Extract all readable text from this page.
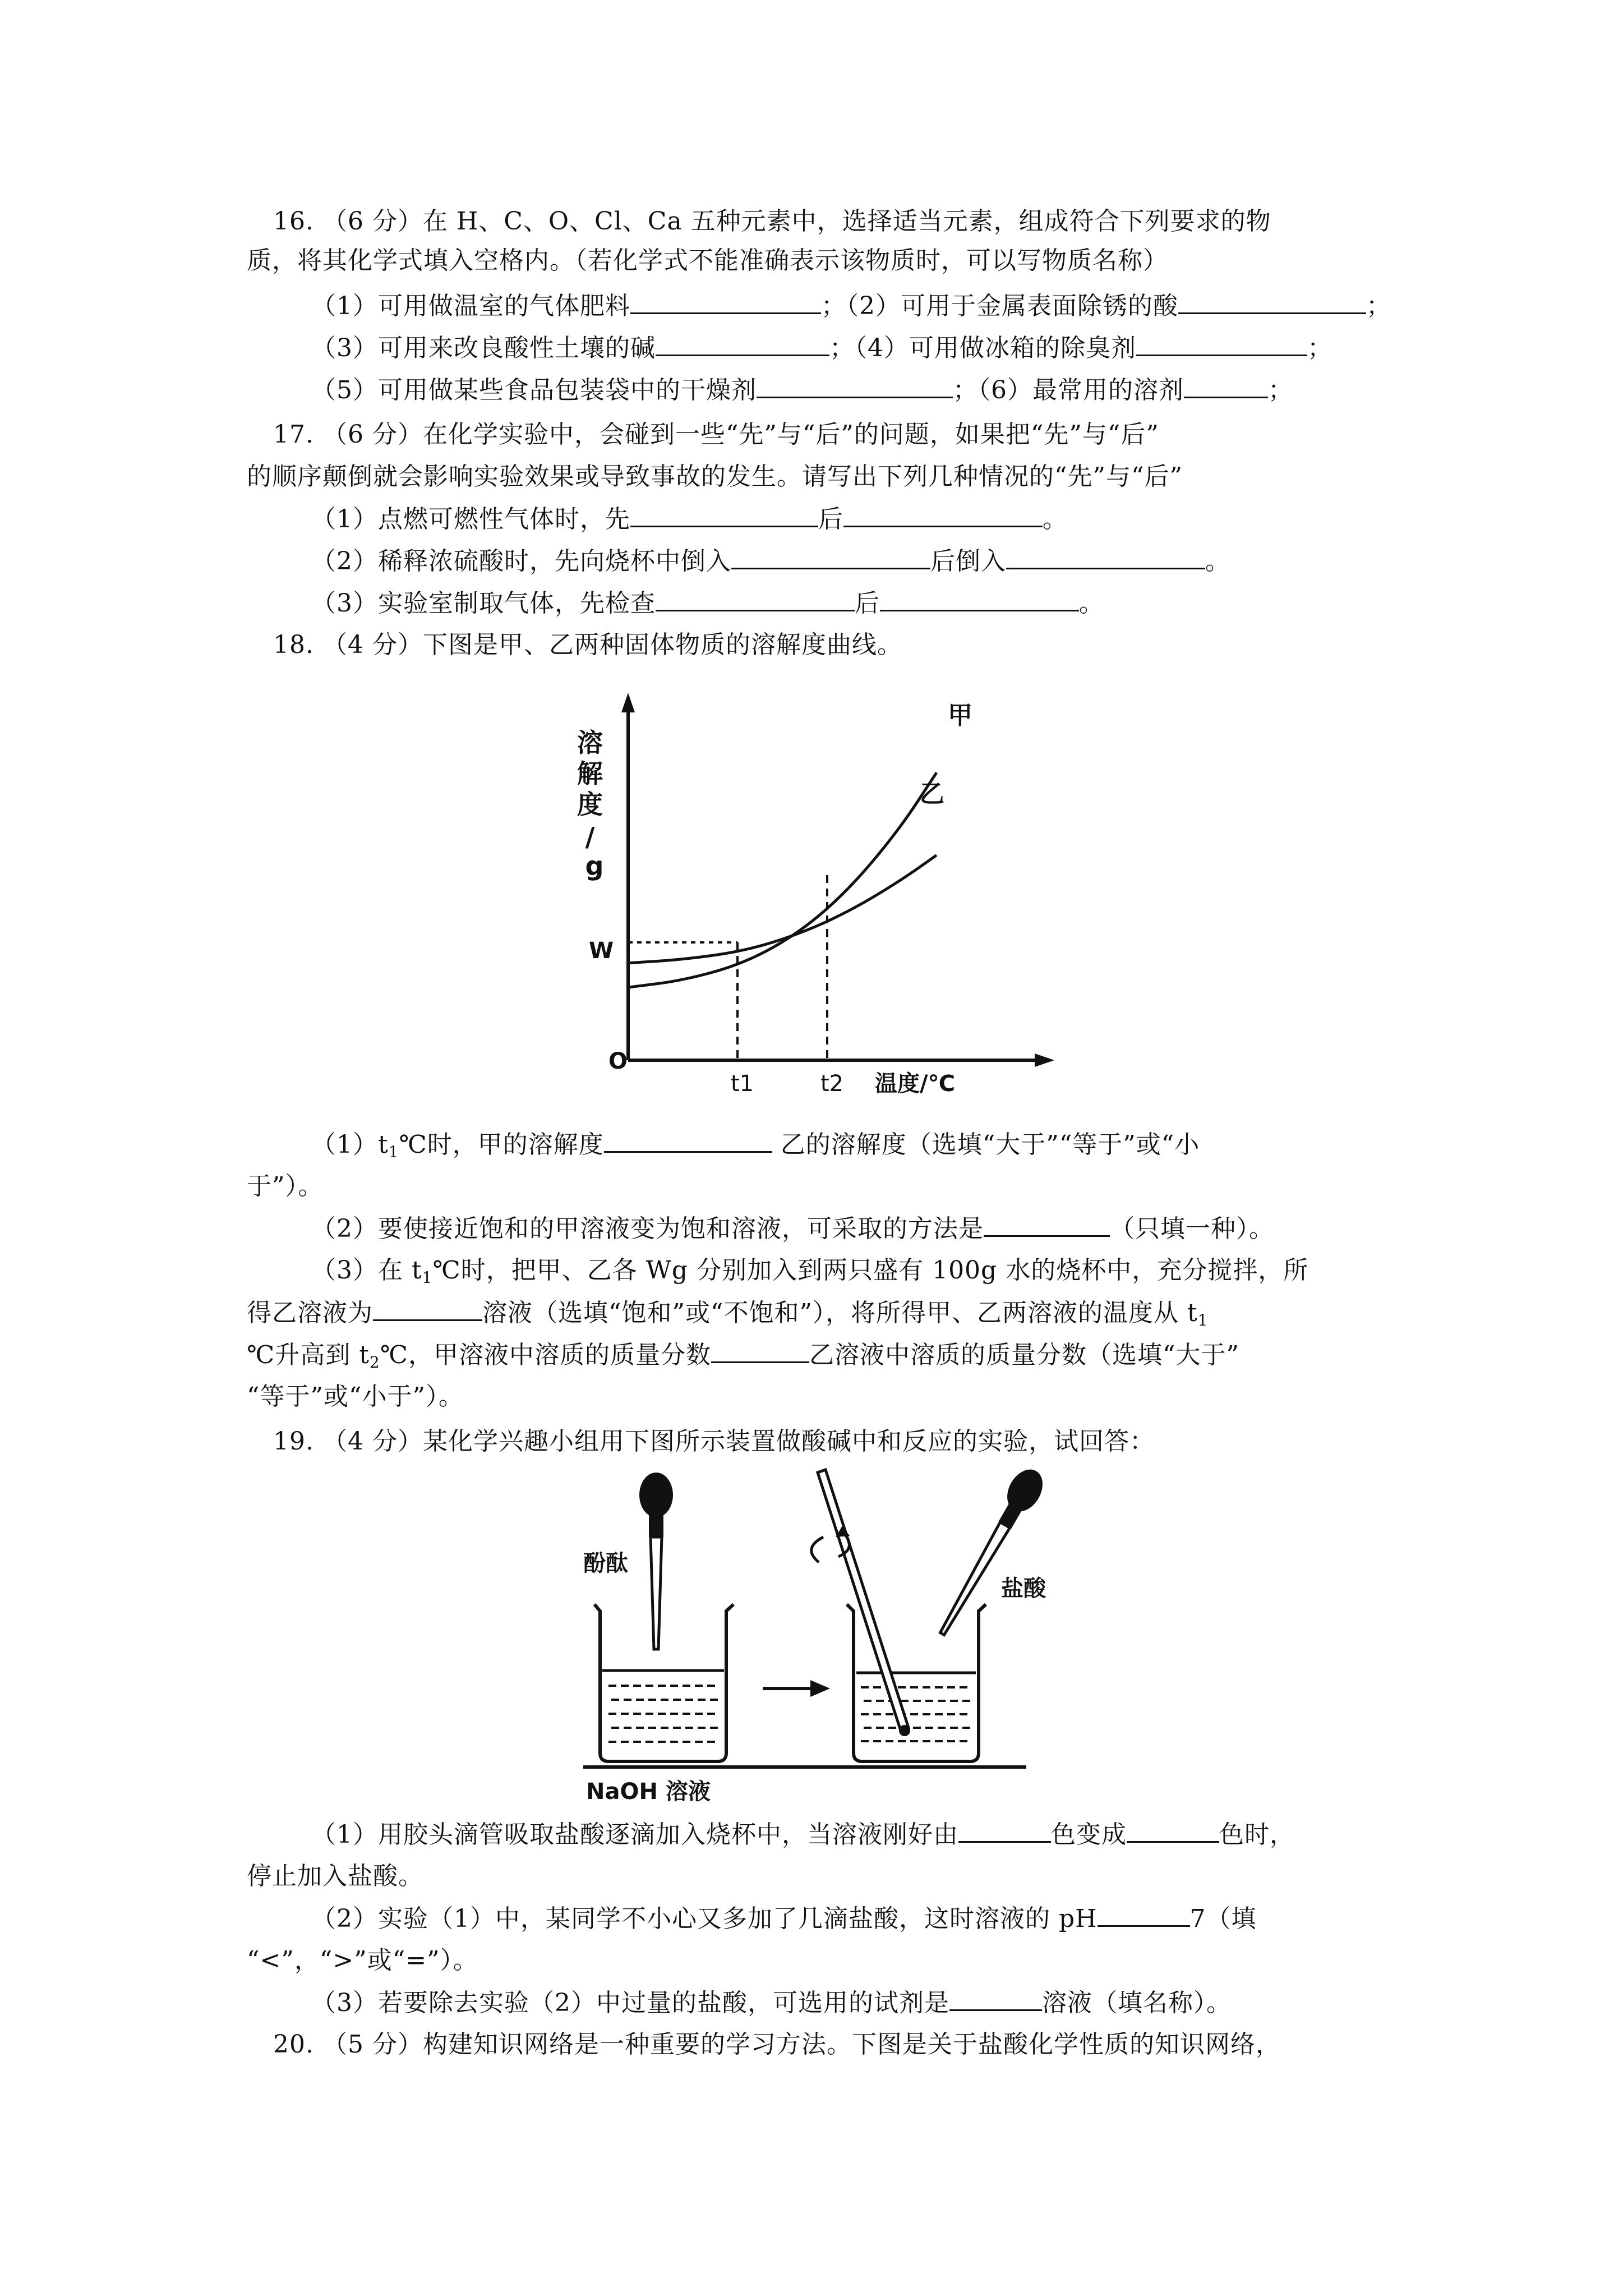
16. （6 分）在 H、C、O、Cl、Ca 五种元素中，选择适当元素，组成符合下列要求的物
质，将其化学式填入空格内。（若化学式不能准确表示该物质时，可以写物质名称）
（1）可用做温室的气体肥料	；（2）可用于金属表面除锈的酸	；
（3）可用来改良酸性土壤的碱	；（4）可用做冰箱的除臭剂	；
（5）可用做某些食品包装袋中的干燥剂	；（6）最常用的溶剂	；
17. （6 分）在化学实验中，会碰到一些“先”与“后”的问题，如果把“先”与“后”
的顺序颠倒就会影响实验效果或导致事故的发生。请写出下列几种情况的“先”与“后”
（1）点燃可燃性气体时，先	后	。
（2）稀释浓硫酸时，先向烧杯中倒入	后倒入	。
（3）实验室制取气体，先检查	后	。
18. （4 分）下图是甲、乙两种固体物质的溶解度曲线。
溶 解 度 / g
W
O
甲
乙
t1	t2 温度/℃
$(1)t_1℃$时，甲的溶解度	乙的溶解度（选填“大于”“等于”或“小
于”）。
（2）要使接近饱和的甲溶液变为饱和溶液，可采取的方法是	（只填一种）。
（3）在 $t_1℃$时，把甲、乙各 Wg 分别加入到两只盛有 100g 水的烧杯中，充分搅拌，所
得乙溶液为	溶液（选填“饱和”或“不饱和”），将所得甲、乙两溶液的温度从 $t_1$
℃升高到 $t_2℃$，甲溶液中溶质的质量分数	乙溶液中溶质的质量分数（选填“大于”
“等于”或“小于”）。
19. （4 分）某化学兴趣小组用下图所示装置做酸碱中和反应的实验，试回答：
酚酞
盐酸
NaOH 溶液
（1）用胶头滴管吸取盐酸逐滴加入烧杯中，当溶液刚好由	色变成	色时，
停止加入盐酸。
（2）实验（1）中，某同学不小心又多加了几滴盐酸，这时溶液的 pH	7（填
“<”，“>”或“=”）。
（3）若要除去实验（2）中过量的盐酸，可选用的试剂是	溶液（填名称）。
20. （5 分）构建知识网络是一种重要的学习方法。下图是关于盐酸化学性质的知识网络，
